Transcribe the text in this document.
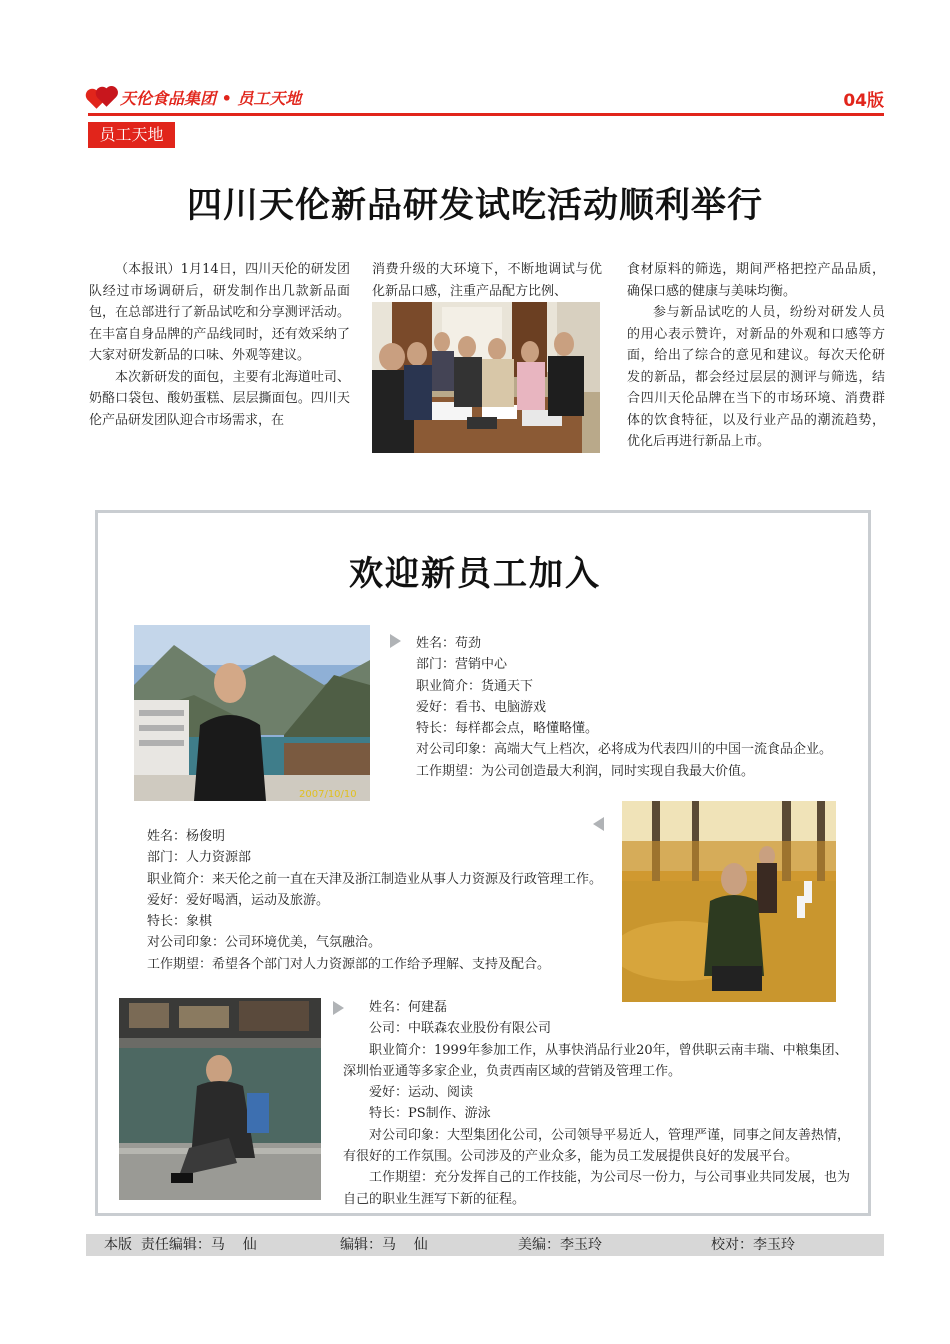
天伦食品集团 • 员工天地	04版
员工天地
四川天伦新品研发试吃活动顺利举行

（本报讯）1月14日，四川天伦的研发团队经过市场调研后，研发制作出几款新品面包，在总部进行了新品试吃和分享测评活动。在丰富自身品牌的产品线同时，还有效采纳了大家对研发新品的口味、外观等建议。

本次新研发的面包，主要有北海道吐司、奶酪口袋包、酸奶蛋糕、层层撕面包。四川天伦产品研发团队迎合市场需求，在

消费升级的大环境下，不断地调试与优化新品口感，注重产品配方比例、

食材原料的筛选，期间严格把控产品品质，确保口感的健康与美味均衡。

参与新品试吃的人员，纷纷对研发人员的用心表示赞许，对新品的外观和口感等方面，给出了综合的意见和建议。每次天伦研发的新品，都会经过层层的测评与筛选，结合四川天伦品牌在当下的市场环境、消费群体的饮食特征，以及行业产品的潮流趋势，优化后再进行新品上市。

欢迎新员工加入
2007/10/10
姓名：苟劲
部门：营销中心
职业简介：货通天下
爱好：看书、电脑游戏
特长：每样都会点，略懂略懂。
对公司印象：高端大气上档次，必将成为代表四川的中国一流食品企业。
工作期望：为公司创造最大利润，同时实现自我最大价值。
姓名：杨俊明
部门：人力资源部
职业简介：来天伦之前一直在天津及浙江制造业从事人力资源及行政管理工作。
爱好：爱好喝酒，运动及旅游。
特长：象棋
对公司印象：公司环境优美，气氛融洽。
工作期望：希望各个部门对人力资源部的工作给予理解、支持及配合。
姓名：何建磊
公司：中联森农业股份有限公司
职业简介：1999年参加工作，从事快消品行业20年，曾供职云南丰瑞、中粮集团、深圳怡亚通等多家企业，负责西南区域的营销及管理工作。
爱好：运动、阅读
特长：PS制作、游泳
对公司印象：大型集团化公司，公司领导平易近人，管理严谨，同事之间友善热情，有很好的工作氛围。公司涉及的产业众多，能为员工发展提供良好的发展平台。
工作期望：充分发挥自己的工作技能，为公司尽一份力，与公司事业共同发展，也为自己的职业生涯写下新的征程。
本版  责任编辑：马    仙	编辑：马    仙	美编：李玉玲	校对：李玉玲
